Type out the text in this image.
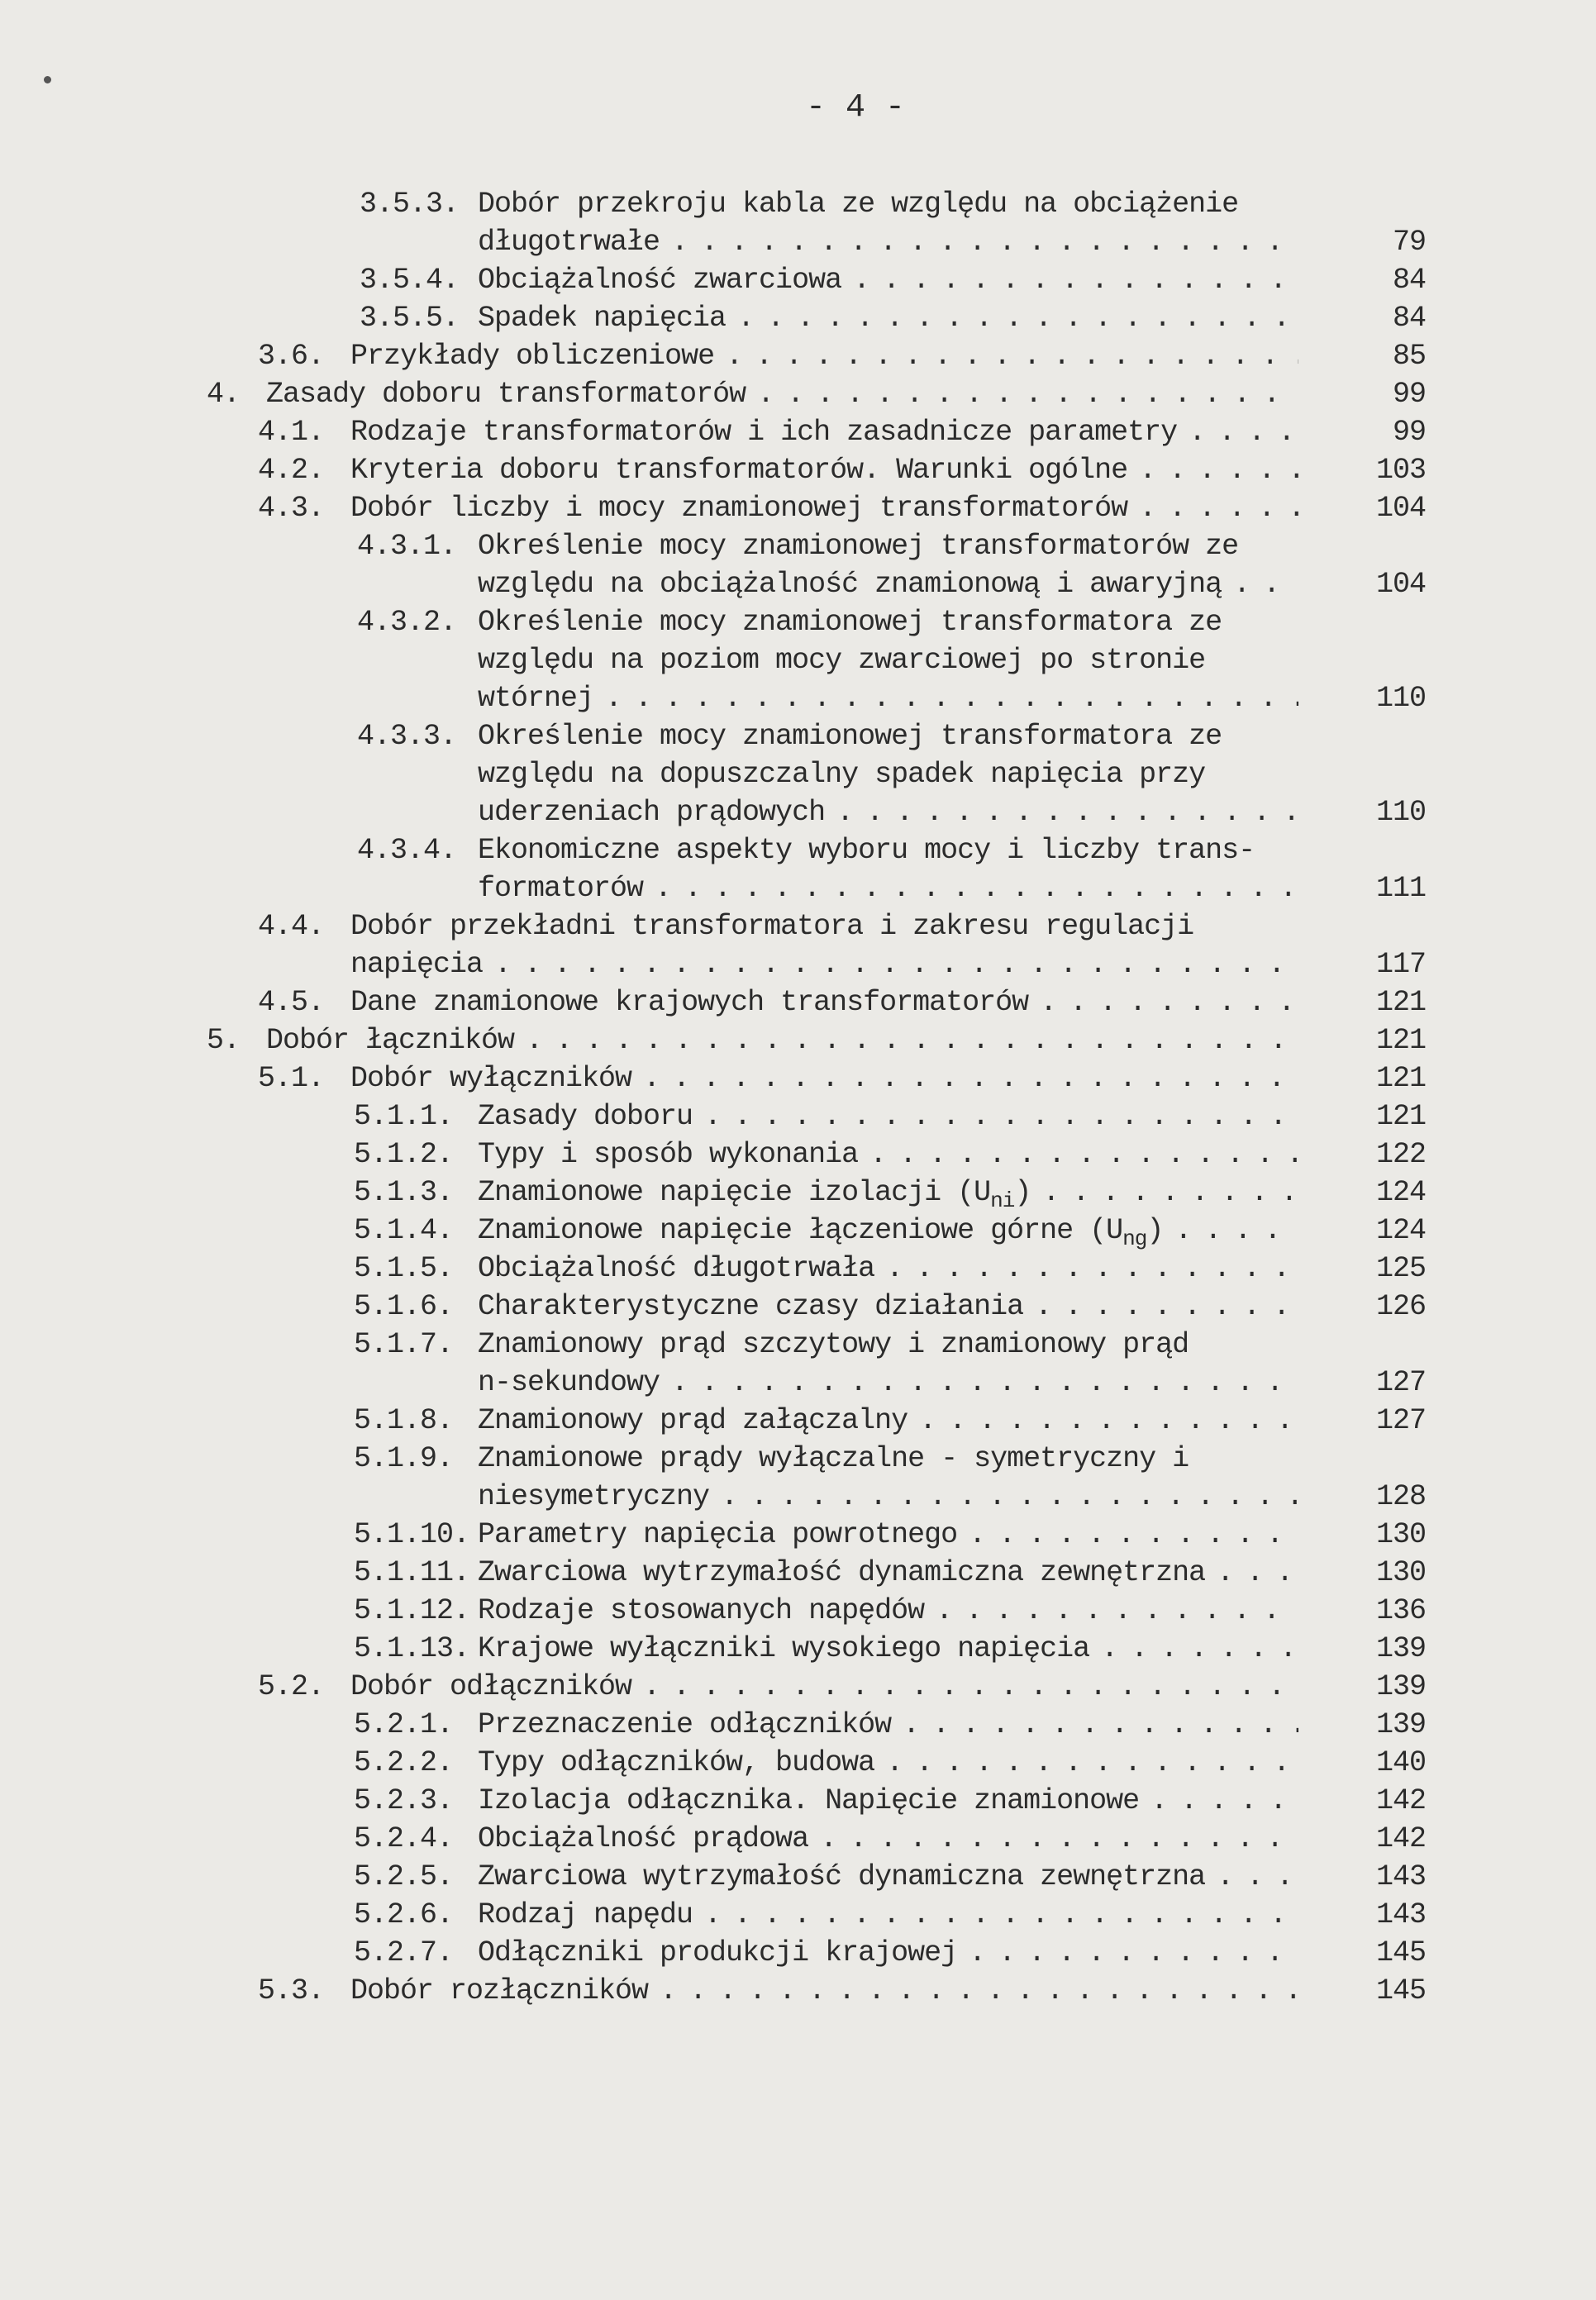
- 4 -
3.5.3. Dobór przekroju kabla ze względu na obciążenie
długotrwałe . . .	79
3.5.4. Obciążalność zwarciowa . . .	84
3.5.5. Spadek napięcia . . .	84
3.6. Przykłady obliczeniowe . . .	85
4. Zasady doboru transformatorów . . .	99
4.1. Rodzaje transformatorów i ich zasadnicze parametry . . .	99
4.2. Kryteria doboru transformatorów. Warunki ogólne . . .	103
4.3. Dobór liczby i mocy znamionowej transformatorów . . .	104
4.3.1. Określenie mocy znamionowej transformatorów ze
względu na obciążalność znamionową i awaryjną . . .	104
4.3.2. Określenie mocy znamionowej transformatora ze
względu na poziom mocy zwarciowej po stronie
wtórnej . . .	110
4.3.3. Określenie mocy znamionowej transformatora ze
względu na dopuszczalny spadek napięcia przy
uderzeniach prądowych . . .	110
4.3.4. Ekonomiczne aspekty wyboru mocy i liczby trans-
formatorów . . .	111
4.4. Dobór przekładni transformatora i zakresu regulacji
napięcia . . .	117
4.5. Dane znamionowe krajowych transformatorów . . .	121
5. Dobór łączników . . .	121
5.1. Dobór wyłączników . . .	121
5.1.1. Zasady doboru . . .	121
5.1.2. Typy i sposób wykonania . . .	122
5.1.3. Znamionowe napięcie izolacji $(U_{ni})$ . . .	124
5.1.4. Znamionowe napięcie łączeniowe górne $(U_{ng})$ . . .	124
5.1.5. Obciążalność długotrwała . . .	125
5.1.6. Charakterystyczne czasy działania . . .	126
5.1.7. Znamionowy prąd szczytowy i znamionowy prąd
n-sekundowy . . .	127
5.1.8. Znamionowy prąd załączalny . . .	127
5.1.9. Znamionowe prądy wyłączalne - symetryczny i
niesymetryczny . . .	128
5.1.10. Parametry napięcia powrotnego . . .	130
5.1.11. Zwarciowa wytrzymałość dynamiczna zewnętrzna . . .	130
5.1.12. Rodzaje stosowanych napędów . . .	136
5.1.13. Krajowe wyłączniki wysokiego napięcia . . .	139
5.2. Dobór odłączników . . .	139
5.2.1. Przeznaczenie odłączników . . .	139
5.2.2. Typy odłączników, budowa . . .	140
5.2.3. Izolacja odłącznika. Napięcie znamionowe . . .	142
5.2.4. Obciążalność prądowa . . .	142
5.2.5. Zwarciowa wytrzymałość dynamiczna zewnętrzna . . .	143
5.2.6. Rodzaj napędu . . .	143
5.2.7. Odłączniki produkcji krajowej . . .	145
5.3. Dobór rozłączników . . .	145
